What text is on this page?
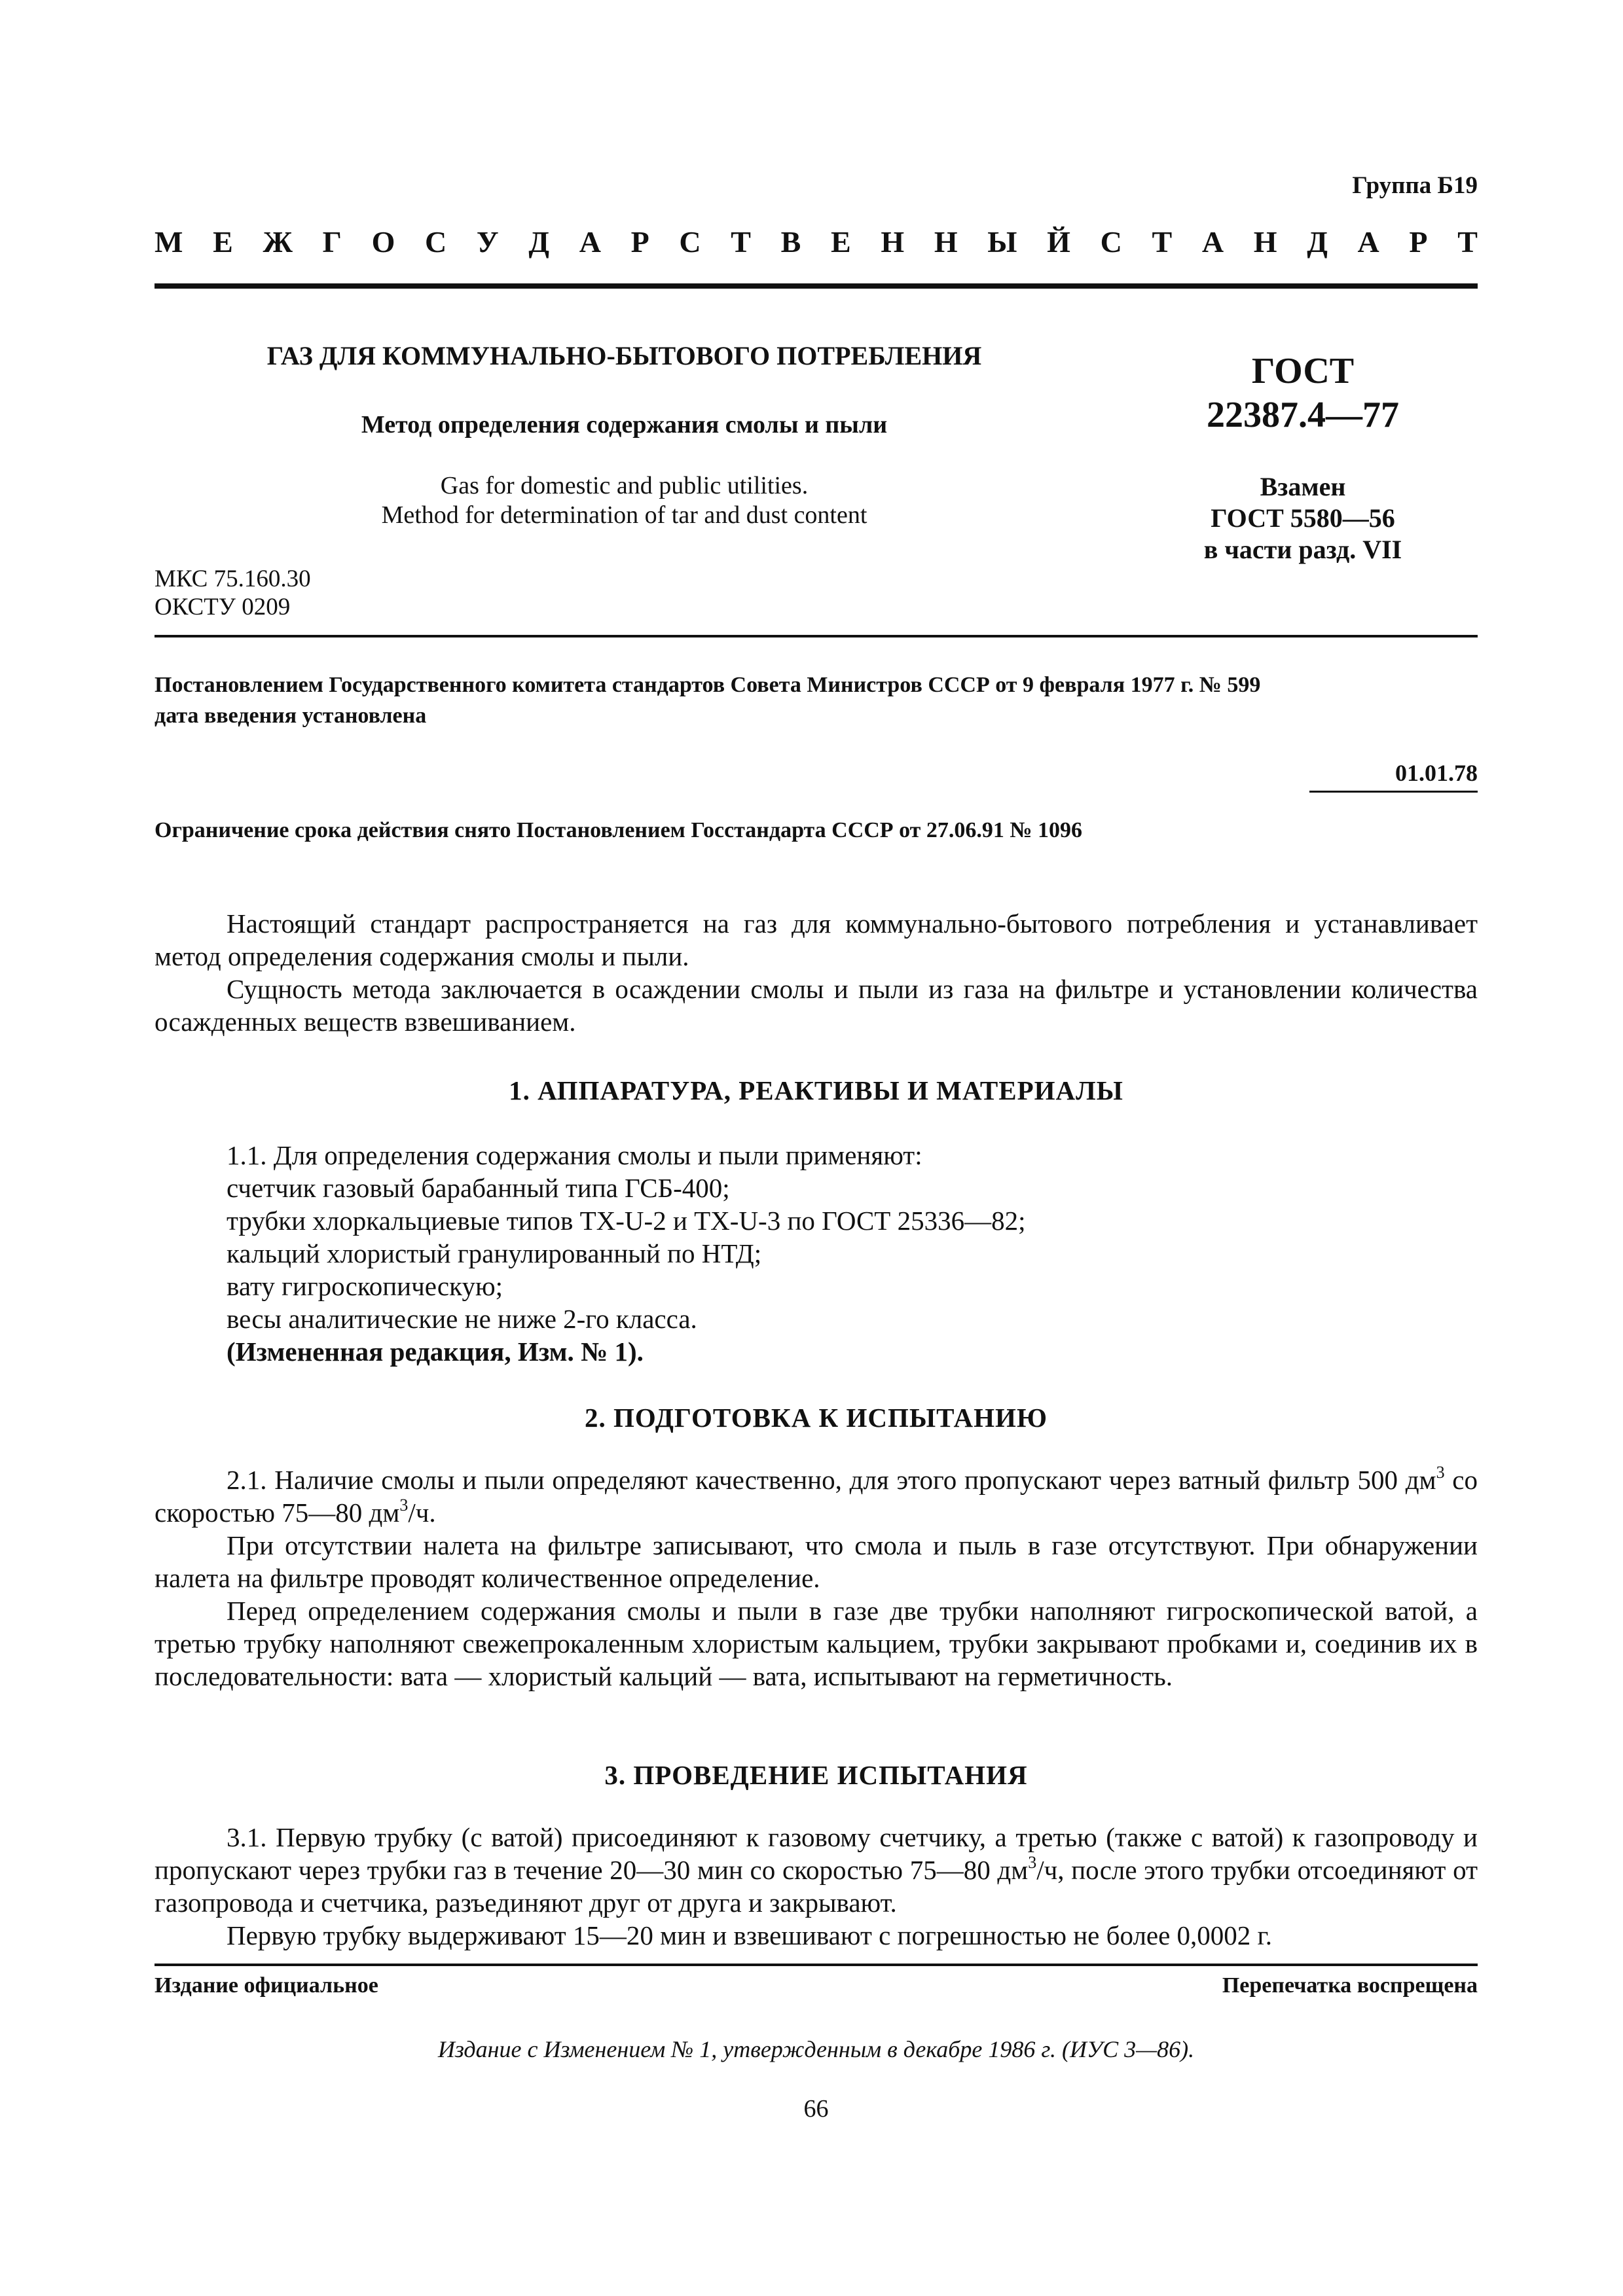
Группа Б19
М Е Ж Г О С У Д А Р С Т В Е Н Н Ы Й С Т А Н Д А Р Т
ГАЗ ДЛЯ КОММУНАЛЬНО-БЫТОВОГО ПОТРЕБЛЕНИЯ
Метод определения содержания смолы и пыли
Gas for domestic and public utilities.
Method for determination of tar and dust content
МКС 75.160.30
ОКСТУ 0209
ГОСТ
22387.4—77
Взамен
ГОСТ 5580—56
в части разд. VII
Постановлением Государственного комитета стандартов Совета Министров СССР от 9 февраля 1977 г. № 599
дата введения установлена
01.01.78
Ограничение срока действия снято Постановлением Госстандарта СССР от 27.06.91 № 1096

Настоящий стандарт распространяется на газ для коммунально-бытового потребления и устанавливает метод определения содержания смолы и пыли.

Сущность метода заключается в осаждении смолы и пыли из газа на фильтре и установлении количества осажденных веществ взвешиванием.

1. АППАРАТУРА, РЕАКТИВЫ И МАТЕРИАЛЫ

1.1. Для определения содержания смолы и пыли применяют:

счетчик газовый барабанный типа ГСБ-400;

трубки хлоркальциевые типов ТХ-U-2 и ТХ-U-3 по ГОСТ 25336—82;

кальций хлористый гранулированный по НТД;

вату гигроскопическую;

весы аналитические не ниже 2-го класса.

(Измененная редакция, Изм. № 1).

2. ПОДГОТОВКА К ИСПЫТАНИЮ

2.1. Наличие смолы и пыли определяют качественно, для этого пропускают через ватный фильтр 500 $дм^3$ со скоростью 75—80 $дм^3/ч$.

При отсутствии налета на фильтре записывают, что смола и пыль в газе отсутствуют. При обнаружении налета на фильтре проводят количественное определение.

Перед определением содержания смолы и пыли в газе две трубки наполняют гигроскопической ватой, а третью трубку наполняют свежепрокаленным хлористым кальцием, трубки закрывают пробками и, соединив их в последовательности: вата — хлористый кальций — вата, испытывают на герметичность.

3. ПРОВЕДЕНИЕ ИСПЫТАНИЯ

3.1. Первую трубку (с ватой) присоединяют к газовому счетчику, а третью (также с ватой) к газопроводу и пропускают через трубки газ в течение 20—30 мин со скоростью 75—80 $дм^3/ч$, после этого трубки отсоединяют от газопровода и счетчика, разъединяют друг от друга и закрывают.

Первую трубку выдерживают 15—20 мин и взвешивают с погрешностью не более 0,0002 г.

Издание официальное	Перепечатка воспрещена
Издание с Изменением № 1, утвержденным в декабре 1986 г. (ИУС 3—86).
66
